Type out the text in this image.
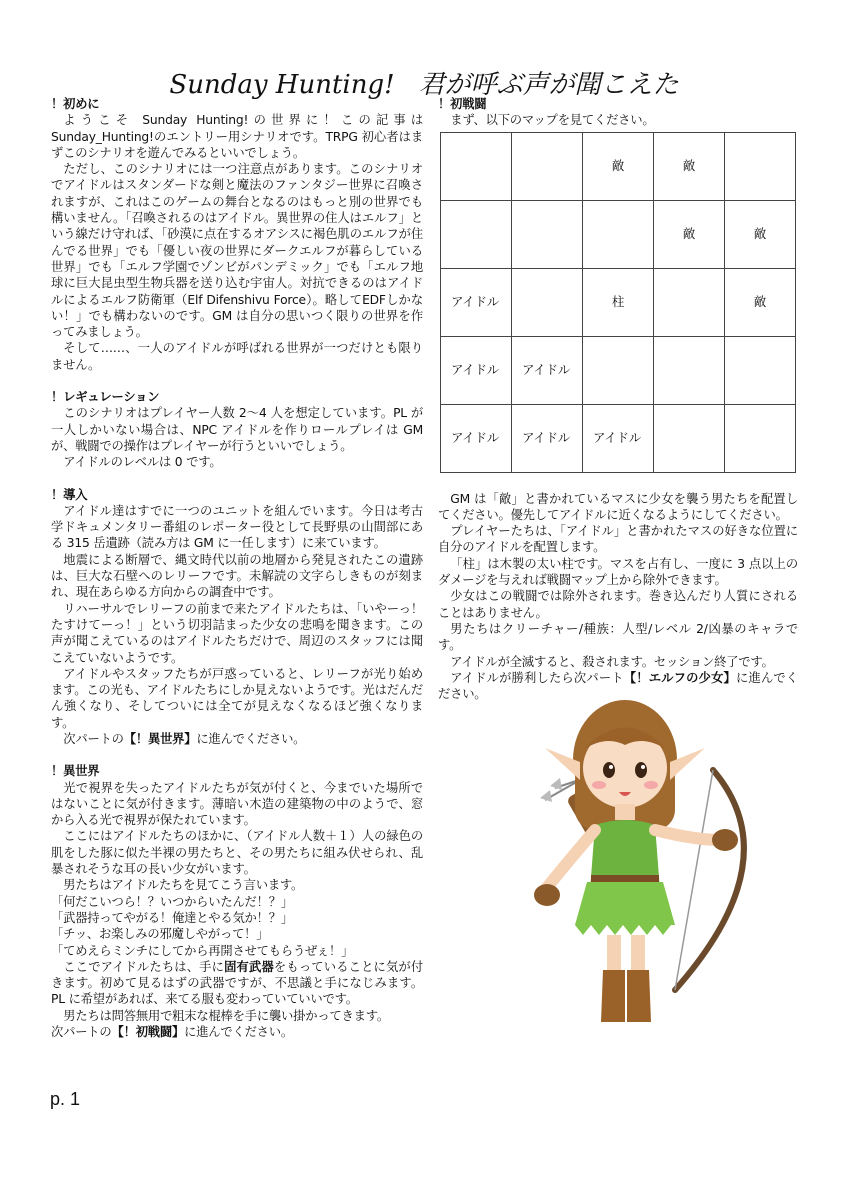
Sunday Hunting! 君が呼ぶ声が聞こえた
！初めに

ようこそ Sunday Hunting!の世界に！この記事は Sunday_Hunting!のエントリー用シナリオです。TRPG 初心者はまずこのシナリオを遊んでみるといいでしょう。

ただし、このシナリオには一つ注意点があります。このシナリオでアイドルはスタンダードな剣と魔法のファンタジー世界に召喚されますが、これはこのゲームの舞台となるのはもっと別の世界でも構いません。「召喚されるのはアイドル。異世界の住人はエルフ」という線だけ守れば、「砂漠に点在するオアシスに褐色肌のエルフが住んでる世界」でも「優しい夜の世界にダークエルフが暮らしている世界」でも「エルフ学園でゾンビがパンデミック」でも「エルフ地球に巨大昆虫型生物兵器を送り込む宇宙人。対抗できるのはアイドルによるエルフ防衛軍（Elf Difenshivu Force）。略してEDFしかない！」でも構わないのです。GM は自分の思いつく限りの世界を作ってみましょう。

そして……、一人のアイドルが呼ばれる世界が一つだけとも限りません。

！レギュレーション

このシナリオはプレイヤー人数 2〜4 人を想定しています。PL が一人しかいない場合は、NPC アイドルを作りロールプレイは GM が、戦闘での操作はプレイヤーが行うといいでしょう。

アイドルのレベルは 0 です。

！導入

アイドル達はすでに一つのユニットを組んでいます。今日は考古学ドキュメンタリー番組のレポーター役として長野県の山間部にある 315 岳遺跡（読み方は GM に一任します）に来ています。

地震による断層で、縄文時代以前の地層から発見されたこの遺跡は、巨大な石壁へのレリーフです。未解読の文字らしきものが刻まれ、現在あらゆる方向からの調査中です。

リハーサルでレリーフの前まで来たアイドルたちは、「いやーっ！たすけてーっ！」という切羽詰まった少女の悲鳴を聞きます。この声が聞こえているのはアイドルたちだけで、周辺のスタッフには聞こえていないようです。

アイドルやスタッフたちが戸惑っていると、レリーフが光り始めます。この光も、アイドルたちにしか見えないようです。光はだんだん強くなり、そしてついには全てが見えなくなるほど強くなります。

次パートの【！異世界】に進んでください。

！異世界

光で視界を失ったアイドルたちが気が付くと、今までいた場所ではないことに気が付きます。薄暗い木造の建築物の中のようで、窓から入る光で視界が保たれています。

ここにはアイドルたちのほかに、（アイドル人数＋１）人の緑色の肌をした豚に似た半裸の男たちと、その男たちに組み伏せられ、乱暴されそうな耳の長い少女がいます。

男たちはアイドルたちを見てこう言います。

「何だこいつら！？いつからいたんだ！？」
「武器持ってやがる！俺達とやる気か！？」
「チッ、お楽しみの邪魔しやがって！」
「てめえらミンチにしてから再開させてもらうぜぇ！」

ここでアイドルたちは、手に固有武器をもっていることに気が付きます。初めて見るはずの武器ですが、不思議と手になじみます。PL に希望があれば、来てる服も変わっていていいです。

男たちは問答無用で粗末な棍棒を手に襲い掛かってきます。

次パートの【！初戦闘】に進んでください。

！初戦闘

まず、以下のマップを見てください。

		敵	敵	
			敵	敵
アイドル		柱		敵
アイドル	アイドル			
アイドル	アイドル	アイドル		

GM は「敵」と書かれているマスに少女を襲う男たちを配置してください。優先してアイドルに近くなるようにしてください。

プレイヤーたちは、「アイドル」と書かれたマスの好きな位置に自分のアイドルを配置します。

「柱」は木製の太い柱です。マスを占有し、一度に 3 点以上のダメージを与えれば戦闘マップ上から除外できます。

少女はこの戦闘では除外されます。巻き込んだり人質にされることはありません。

男たちはクリーチャー/種族：人型/レベル 2/凶暴のキャラです。

アイドルが全滅すると、殺されます。セッション終了です。

アイドルが勝利したら次パート【！エルフの少女】に進んでください。

p. 1
